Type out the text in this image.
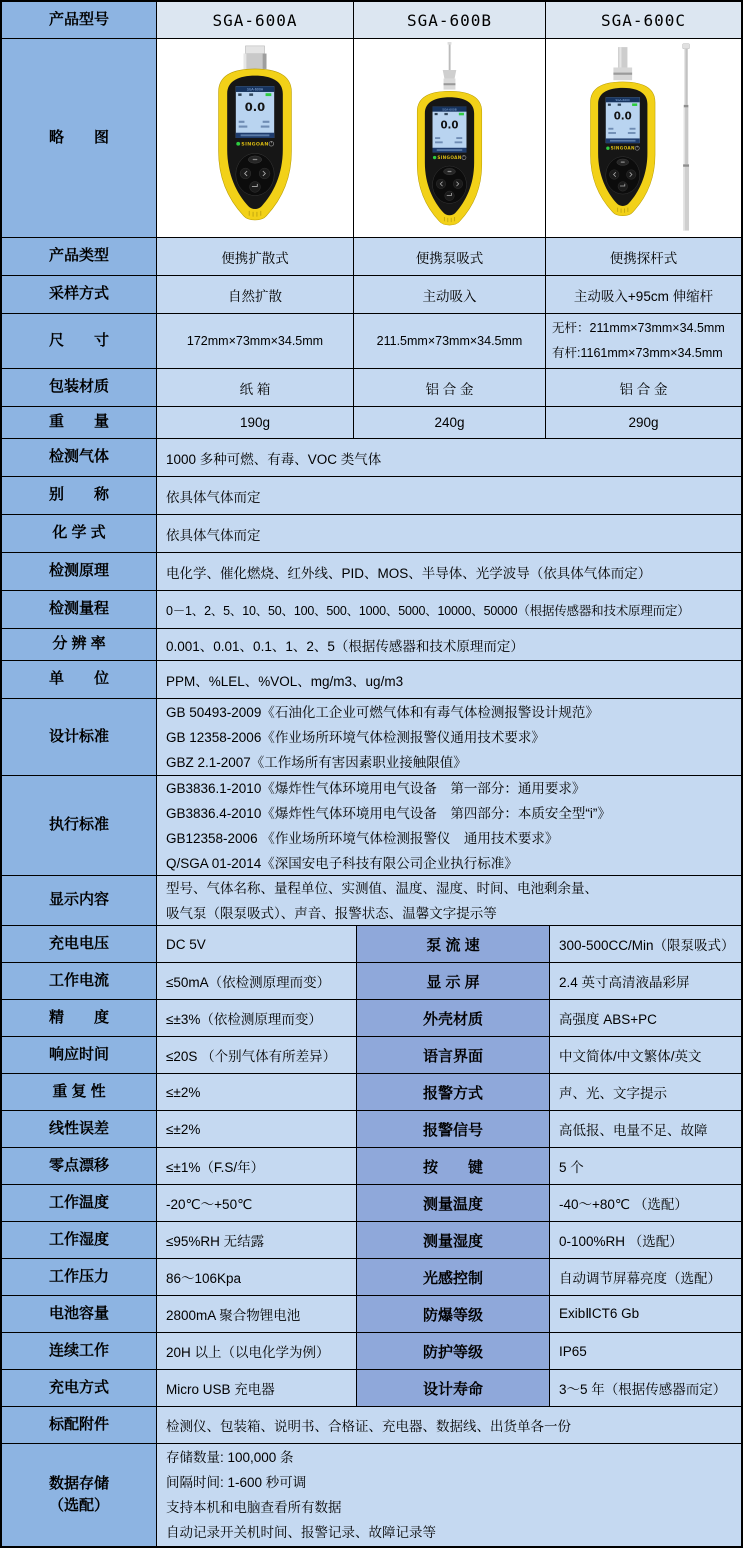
产品型号	SGA-600A	SGA-600B	SGA-600C
略　　图
SGA-600A
0.0
SINGOAN
SGA-600B
0.0
SINGOAN
SGA-600C
0.0
SINGOAN
产品类型	便携扩散式	便携泵吸式	便携探杆式
采样方式	自然扩散	主动吸入	主动吸入+95cm 伸缩杆
尺　　寸	172mm×73mm×34.5mm	211.5mm×73mm×34.5mm
无杆：211mm×73mm×34.5mm
有杆:1161mm×73mm×34.5mm
包装材质	纸 箱	铝 合 金	铝 合 金
重　　量	190g	240g	290g
检测气体	1000 多种可燃、有毒、VOC 类气体
别　　称	依具体气体而定
化 学 式	依具体气体而定
检测原理	电化学、催化燃烧、红外线、PID、MOS、半导体、光学波导（依具体气体而定）
检测量程	0－1、2、5、10、50、100、500、1000、5000、10000、50000（根据传感器和技术原理而定）
分 辨 率	0.001、0.01、0.1、1、2、5（根据传感器和技术原理而定）
单　　位	PPM、%LEL、%VOL、mg/m3、ug/m3
设计标准
GB 50493-2009《石油化工企业可燃气体和有毒气体检测报警设计规范》
GB 12358-2006《作业场所环境气体检测报警仪通用技术要求》
GBZ 2.1-2007《工作场所有害因素职业接触限值》
执行标准
GB3836.1-2010《爆炸性气体环境用电气设备　第一部分：通用要求》
GB3836.4-2010《爆炸性气体环境用电气设备　第四部分：本质安全型“i”》
GB12358-2006 《作业场所环境气体检测报警仪　通用技术要求》
Q/SGA 01-2014《深国安电子科技有限公司企业执行标准》
显示内容
型号、气体名称、量程单位、实测值、温度、湿度、时间、电池剩余量、
吸气泵（限泵吸式）、声音、报警状态、温馨文字提示等
充电电压	DC 5V	泵 流 速	300-500CC/Min（限泵吸式）
工作电流	≤50mA（依检测原理而变）	显 示 屏	2.4 英寸高清液晶彩屏
精　　度	≤±3%（依检测原理而变）	外壳材质	高强度 ABS+PC
响应时间	≤20S （个别气体有所差异）	语言界面	中文简体/中文繁体/英文
重 复 性	≤±2%	报警方式	声、光、文字提示
线性误差	≤±2%	报警信号	高低报、电量不足、故障
零点漂移	≤±1%（F.S/年）	按　　键	5 个
工作温度	-20℃～+50℃	测量温度	-40～+80℃ （选配）
工作湿度	≤95%RH 无结露	测量湿度	0-100%RH （选配）
工作压力	86～106Kpa	光感控制	自动调节屏幕亮度（选配）
电池容量	2800mA 聚合物锂电池	防爆等级	ExibⅡCT6 Gb
连续工作	20H 以上（以电化学为例）	防护等级	IP65
充电方式	Micro USB 充电器	设计寿命	3～5 年（根据传感器而定）
标配附件	检测仪、包装箱、说明书、合格证、充电器、数据线、出货单各一份
数据存储
（选配）
存储数量: 100,000 条
间隔时间: 1-600 秒可调
支持本机和电脑查看所有数据
自动记录开关机时间、报警记录、故障记录等
